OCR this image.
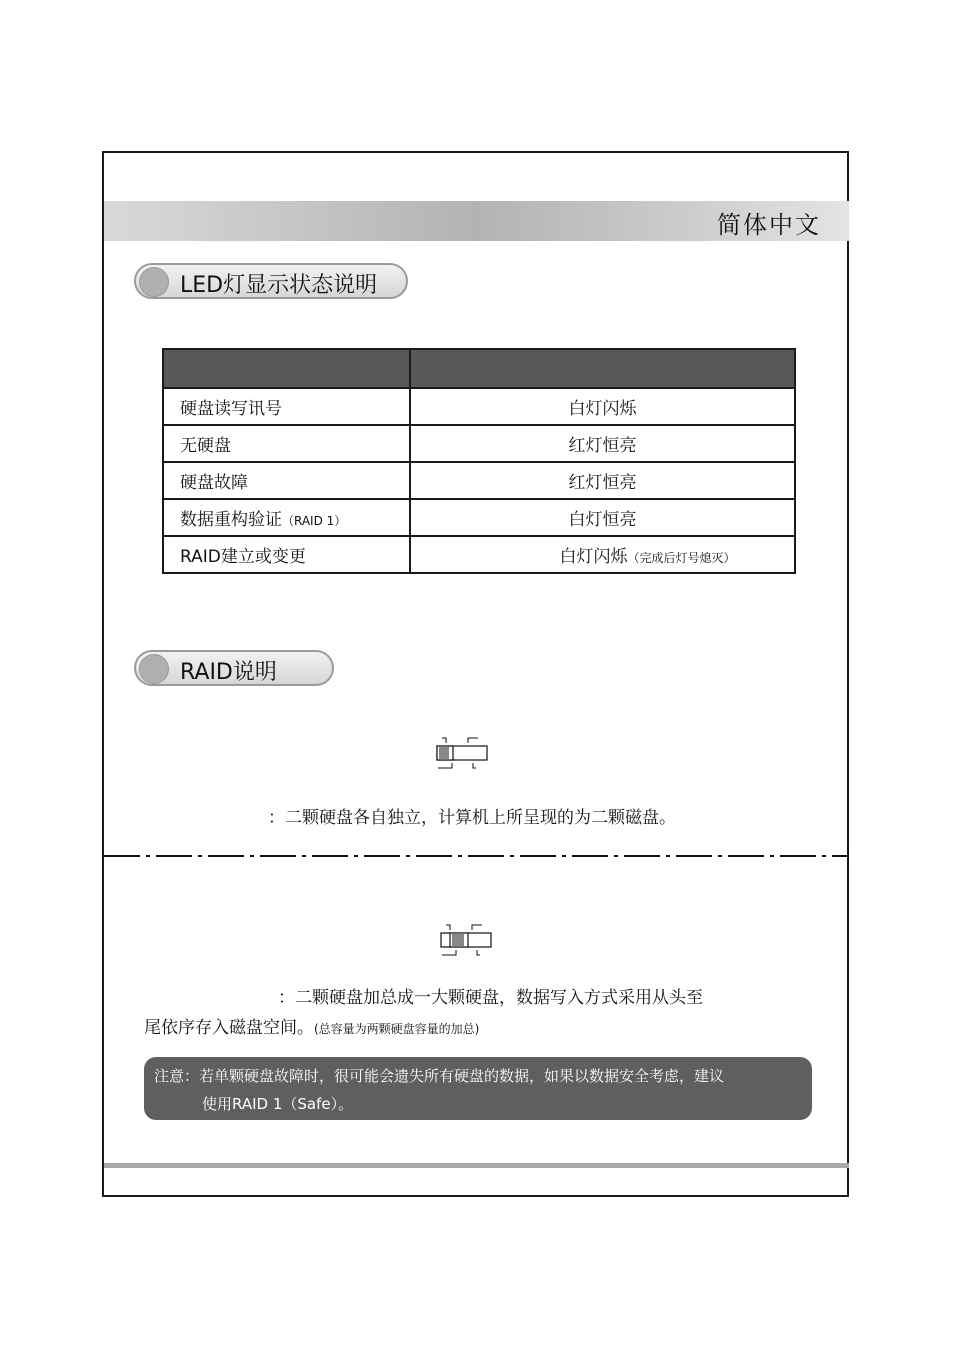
简体中文
LED灯显示状态说明

硬盘读写讯号	白灯闪烁
无硬盘	红灯恒亮
硬盘故障	红灯恒亮
数据重构验证（RAID 1）	白灯恒亮
RAID建立或变更	白灯闪烁（完成后灯号熄灭）
RAID说明
：二颗硬盘各自独立，计算机上所呈现的为二颗磁盘。
：二颗硬盘加总成一大颗硬盘，数据写入方式采用从头至
尾依序存入磁盘空间。(总容量为两颗硬盘容量的加总)
注意：若单颗硬盘故障时，很可能会遗失所有硬盘的数据，如果以数据安全考虑，建议
使用RAID 1（Safe）。
